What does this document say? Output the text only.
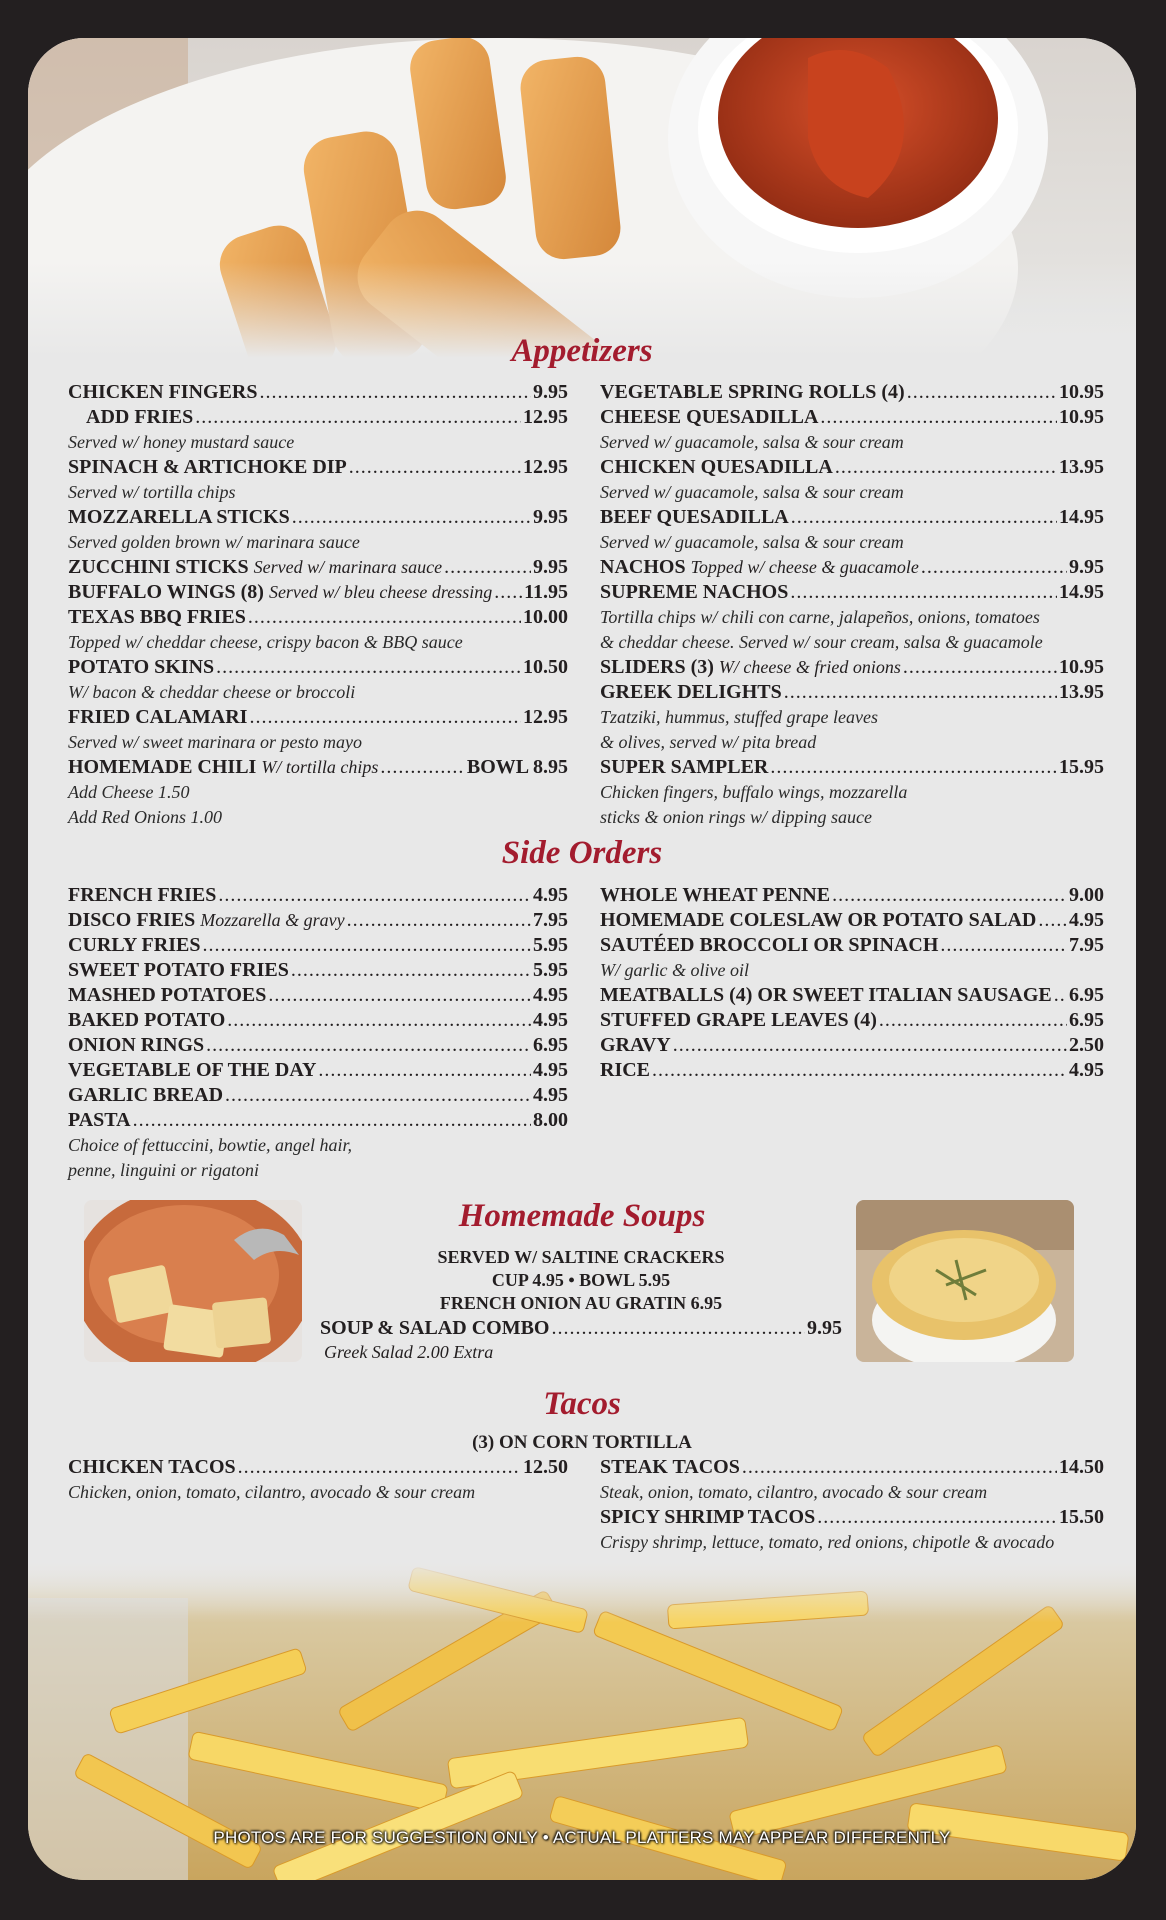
Appetizers
CHICKEN FINGERS .....	9.95
ADD FRIES .....	12.95
Served w/ honey mustard sauce
SPINACH & ARTICHOKE DIP .....	12.95
Served w/ tortilla chips
MOZZARELLA STICKS .....	9.95
Served golden brown w/ marinara sauce
ZUCCHINI STICKS Served w/ marinara sauce .....	9.95
BUFFALO WINGS (8) Served w/ bleu cheese dressing ..... 11.95
TEXAS BBQ FRIES .....	10.00
Topped w/ cheddar cheese, crispy bacon & BBQ sauce
POTATO SKINS .....	10.50
W/ bacon & cheddar cheese or broccoli
FRIED CALAMARI .....	12.95
Served w/ sweet marinara or pesto mayo
HOMEMADE CHILI W/ tortilla chips .....	BOWL 8.95
Add Cheese 1.50
Add Red Onions 1.00
VEGETABLE SPRING ROLLS (4) .....	10.95
CHEESE QUESADILLA .....	10.95
Served w/ guacamole, salsa & sour cream
CHICKEN QUESADILLA .....	13.95
Served w/ guacamole, salsa & sour cream
BEEF QUESADILLA .....	14.95
Served w/ guacamole, salsa & sour cream
NACHOS Topped w/ cheese & guacamole .....	9.95
SUPREME NACHOS .....	14.95
Tortilla chips w/ chili con carne, jalapeños, onions, tomatoes
& cheddar cheese. Served w/ sour cream, salsa & guacamole
SLIDERS (3) W/ cheese & fried onions .....	10.95
GREEK DELIGHTS .....	13.95
Tzatziki, hummus, stuffed grape leaves
& olives, served w/ pita bread
SUPER SAMPLER .....	15.95
Chicken fingers, buffalo wings, mozzarella
sticks & onion rings w/ dipping sauce
Side Orders
FRENCH FRIES .....	4.95
DISCO FRIES Mozzarella & gravy .....	7.95
CURLY FRIES .....	5.95
SWEET POTATO FRIES .....	5.95
MASHED POTATOES .....	4.95
BAKED POTATO .....	4.95
ONION RINGS .....	6.95
VEGETABLE OF THE DAY .....	4.95
GARLIC BREAD .....	4.95
PASTA .....	8.00
Choice of fettuccini, bowtie, angel hair,
penne, linguini or rigatoni
WHOLE WHEAT PENNE .....	9.00
HOMEMADE COLESLAW OR POTATO SALAD ..... 4.95
SAUTÉED BROCCOLI OR SPINACH .....	7.95
W/ garlic & olive oil
MEATBALLS (4) OR SWEET ITALIAN SAUSAGE ..... 6.95
STUFFED GRAPE LEAVES (4) .....	6.95
GRAVY .....	2.50
RICE .....	4.95
Homemade Soups
SERVED W/ SALTINE CRACKERS
CUP 4.95 • BOWL 5.95
FRENCH ONION AU GRATIN 6.95
SOUP & SALAD COMBO .....	9.95
Greek Salad 2.00 Extra
Tacos
(3) ON CORN TORTILLA
CHICKEN TACOS .....	12.50
Chicken, onion, tomato, cilantro, avocado & sour cream
STEAK TACOS .....	14.50
Steak, onion, tomato, cilantro, avocado & sour cream
SPICY SHRIMP TACOS .....	15.50
Crispy shrimp, lettuce, tomato, red onions, chipotle & avocado
PHOTOS ARE FOR SUGGESTION ONLY • ACTUAL PLATTERS MAY APPEAR DIFFERENTLY
